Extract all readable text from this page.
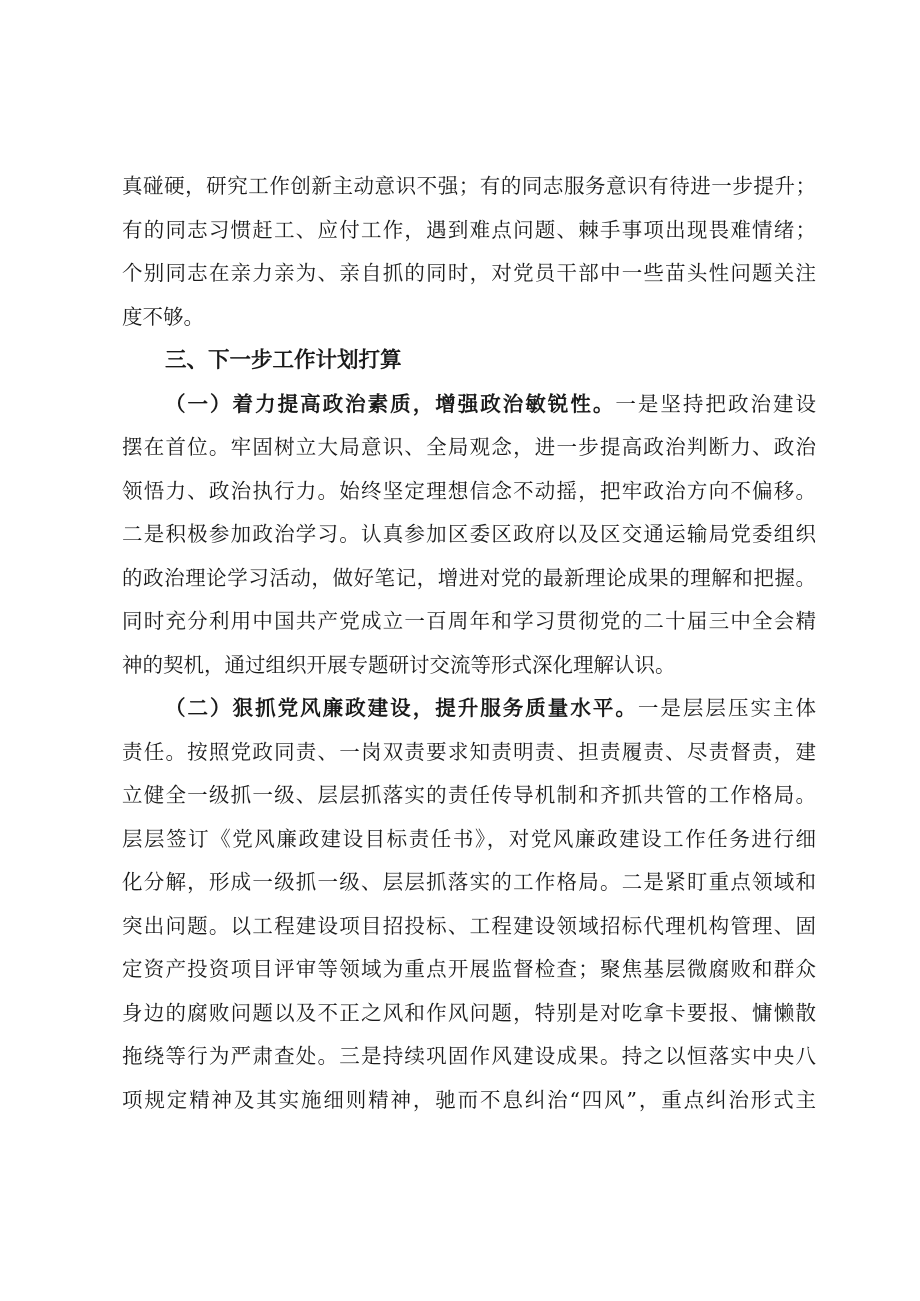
真碰硬，研究工作创新主动意识不强；有的同志服务意识有待进一步提升；
有的同志习惯赶工、应付工作，遇到难点问题、棘手事项出现畏难情绪；
个别同志在亲力亲为、亲自抓的同时，对党员干部中一些苗头性问题关注
度不够。
三、下一步工作计划打算
（一）着力提高政治素质，增强政治敏锐性。一是坚持把政治建设
摆在首位。牢固树立大局意识、全局观念，进一步提高政治判断力、政治
领悟力、政治执行力。始终坚定理想信念不动摇，把牢政治方向不偏移。
二是积极参加政治学习。认真参加区委区政府以及区交通运输局党委组织
的政治理论学习活动，做好笔记，增进对党的最新理论成果的理解和把握。
同时充分利用中国共产党成立一百周年和学习贯彻党的二十届三中全会精
神的契机，通过组织开展专题研讨交流等形式深化理解认识。
（二）狠抓党风廉政建设，提升服务质量水平。一是层层压实主体
责任。按照党政同责、一岗双责要求知责明责、担责履责、尽责督责，建
立健全一级抓一级、层层抓落实的责任传导机制和齐抓共管的工作格局。
层层签订《党风廉政建设目标责任书》，对党风廉政建设工作任务进行细
化分解，形成一级抓一级、层层抓落实的工作格局。二是紧盯重点领域和
突出问题。以工程建设项目招投标、工程建设领域招标代理机构管理、固
定资产投资项目评审等领域为重点开展监督检查；聚焦基层微腐败和群众
身边的腐败问题以及不正之风和作风问题，特别是对吃拿卡要报、慵懒散
拖绕等行为严肃查处。三是持续巩固作风建设成果。持之以恒落实中央八
项规定精神及其实施细则精神，驰而不息纠治“四风”，重点纠治形式主
